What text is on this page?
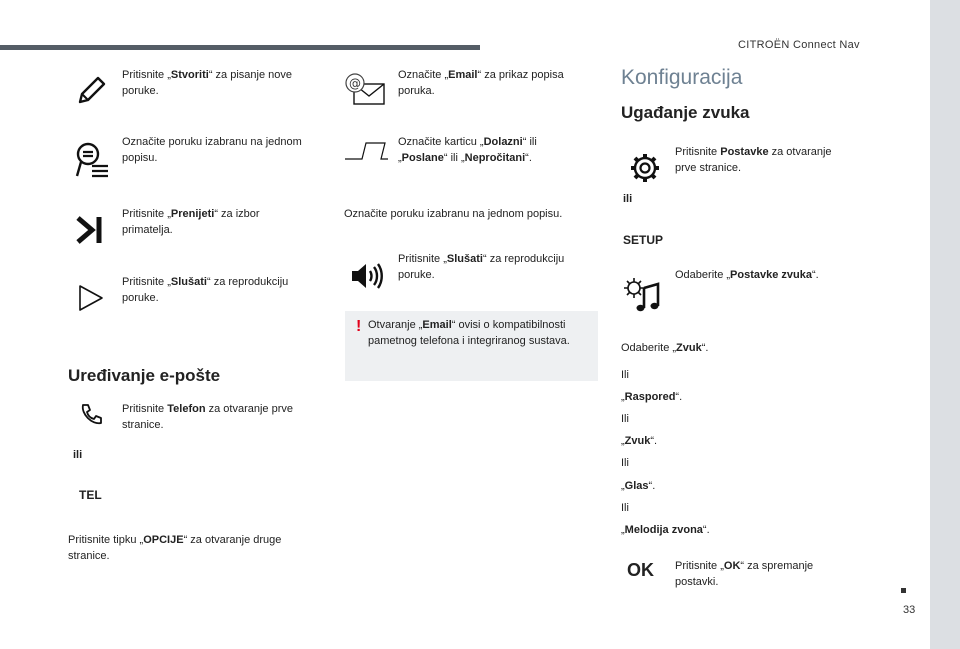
CITROËN Connect Nav
Pritisnite „Stvoriti“ za pisanje nove poruke.
Označite poruku izabranu na jednom popisu.
Pritisnite „Prenijeti“ za izbor primatelja.
Pritisnite „Slušati“ za reprodukciju poruke.
Uređivanje e-pošte
Pritisnite Telefon za otvaranje prve stranice.
ili
TEL
Pritisnite tipku „OPCIJE“ za otvaranje druge stranice.
@
Označite „Email“ za prikaz popisa poruka.
Označite karticu „Dolazni“ ili „Poslane“ ili „Nepročitani“.
Označite poruku izabranu na jednom popisu.
Pritisnite „Slušati“ za reprodukciju poruke.
! Otvaranje „Email“ ovisi o kompatibilnosti pametnog telefona i integriranog sustava.
Konfiguracija
Ugađanje zvuka
Pritisnite Postavke za otvaranje prve stranice.
ili
SETUP
Odaberite „Postavke zvuka“.
Odaberite „Zvuk“.
Ili
„Raspored“.
Ili
„Zvuk“.
Ili
„Glas“.
Ili
„Melodija zvona“.
OK Pritisnite „OK“ za spremanje postavki.
33
